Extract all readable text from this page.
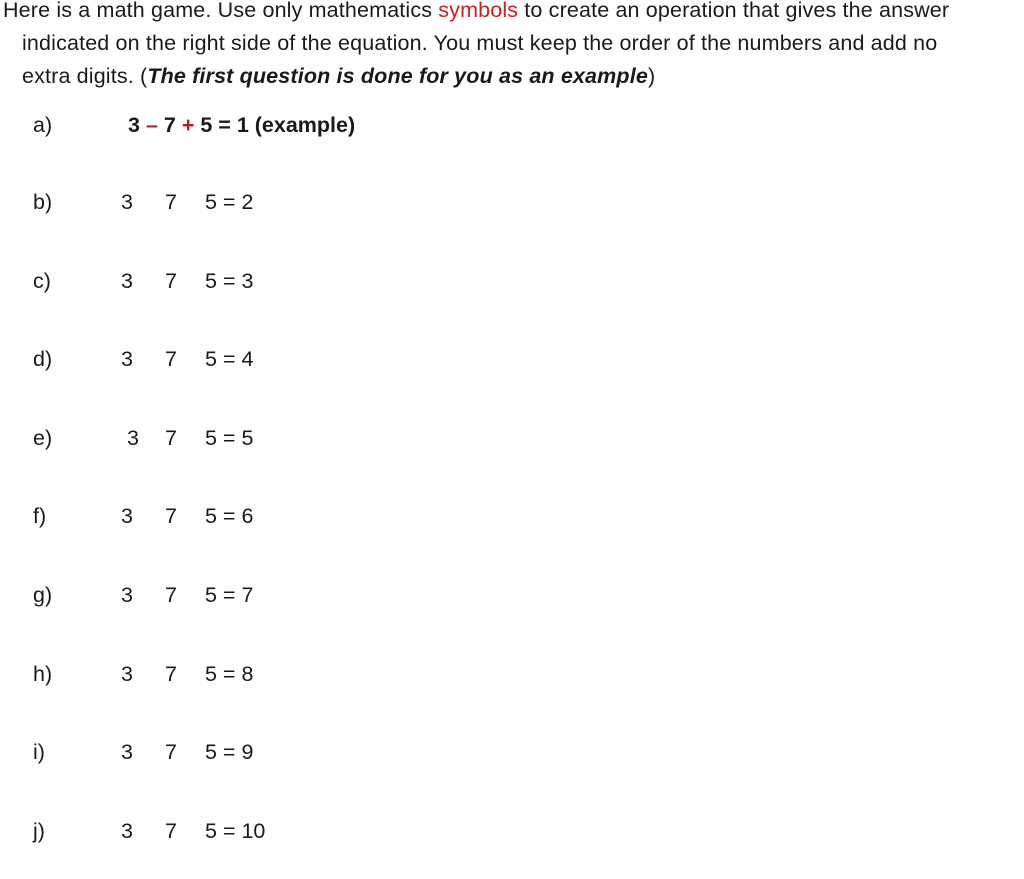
Here is a math game. Use only mathematics symbols to create an operation that gives the answer
indicated on the right side of the equation. You must keep the order of the numbers and add no
extra digits. (The first question is done for you as an example)
a)	3 – 7 + 5 = 1 (example)
b)	3 7 5 = 2
c)	3 7 5 = 3
d)	3 7 5 = 4
e)	3 7 5 = 5
f)	3 7 5 = 6
g)	3 7 5 = 7
h)	3 7 5 = 8
i)	3 7 5 = 9
j)	3 7 5 = 10
